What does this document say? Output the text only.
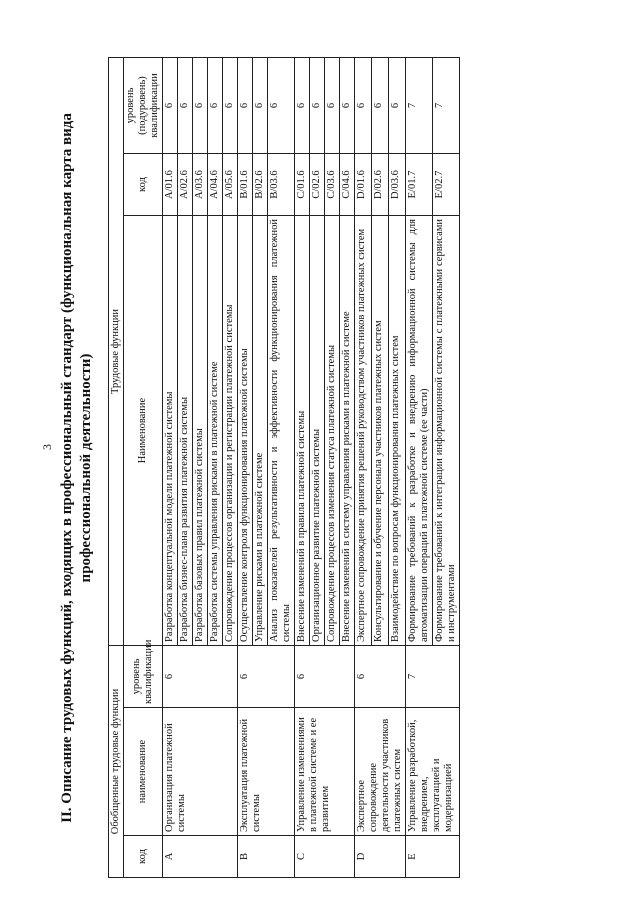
3 II. Описание трудовых функций, входящих в профессиональный стандарт (функциональная карта вида профессиональной деятельности)
Обобщенные трудовые функции			Трудовые функции		
код	наименование	уровень квалификации	Наименование	код	уровень (подуровень) квалификации
A	Организация платежной системы	6	Разработка концептуальной модели платежной системы	A/01.6	6
			Разработка бизнес-плана развития платежной системы	A/02.6	6
			Разработка базовых правил платежной системы	A/03.6	6
			Разработка системы управления рисками в платежной системе	A/04.6	6
			Сопровождение процессов организации и регистрации платежной системы	A/05.6	6
B	Эксплуатация платежной системы	6	Осуществление контроля функционирования платежной системы	B/01.6	6
			Управление рисками в платежной системе	B/02.6	6
			Анализ показателей результативности и эффективности функционирования платежной системы	B/03.6	6
C	Управление изменениями в платежной системе и ее развитием	6	Внесение изменений в правила платежной системы	C/01.6	6
			Организационное развитие платежной системы	C/02.6	6
			Сопровождение процессов изменения статуса платежной системы	C/03.6	6
			Внесение изменений в систему управления рисками в платежной системе	C/04.6	6
D	Экспертное сопровождение деятельности участников платежных систем	6	Экспертное сопровождение принятия решений руководством участников платежных систем	D/01.6	6
			Консультирование и обучение персонала участников платежных систем	D/02.6	6
			Взаимодействие по вопросам функционирования платежных систем	D/03.6	6
E	Управление разработкой, внедрением, эксплуатацией и модернизацией	7	Формирование требований к разработке и внедрению информационной системы для автоматизации операций в платежной системе (ее части)	E/01.7	7
			Формирование требований к интеграции информационной системы с платежными сервисами и инструментами	E/02.7	7
